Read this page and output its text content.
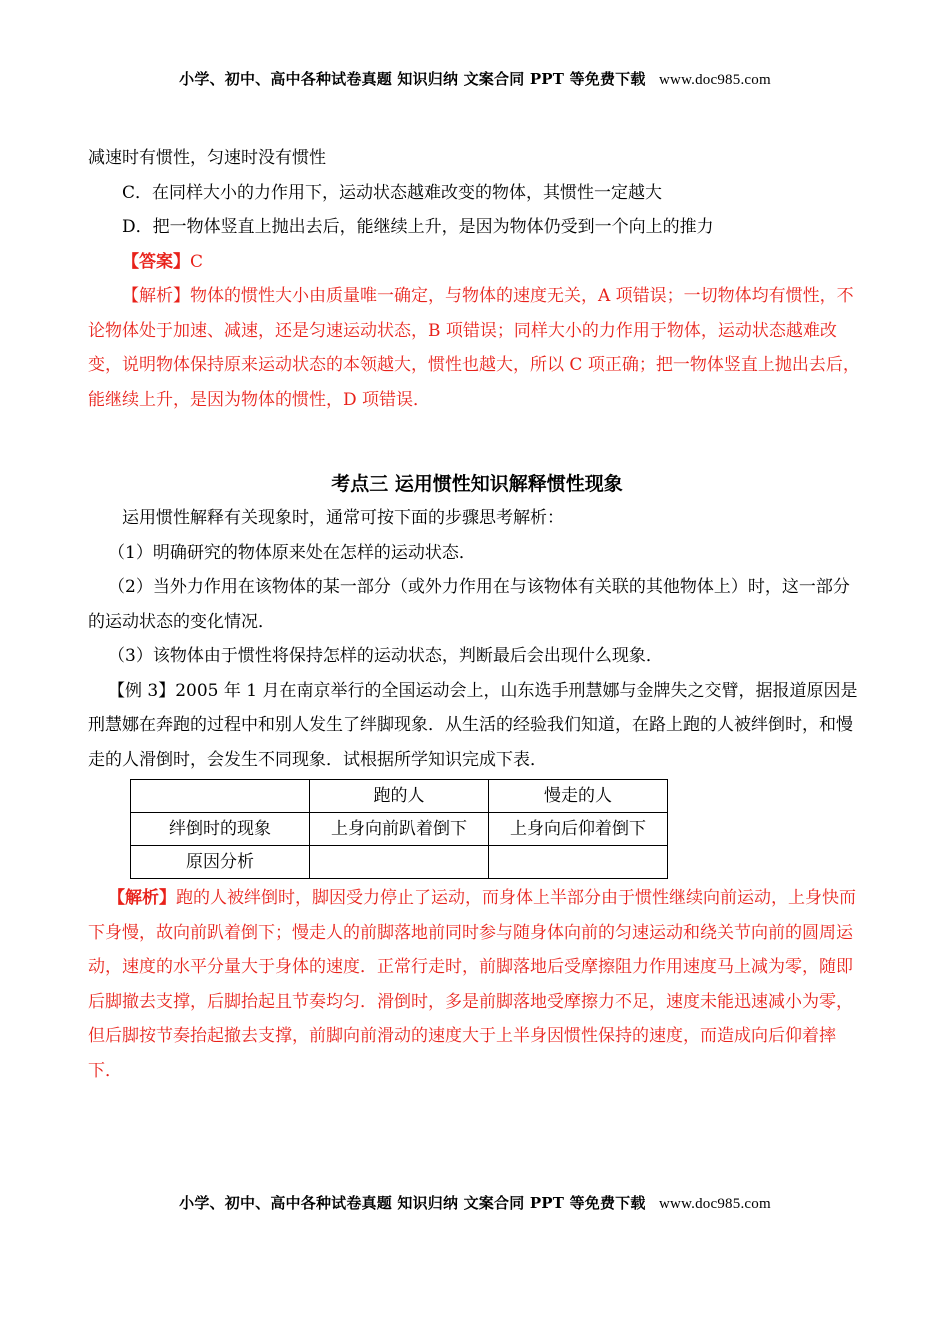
小学、初中、高中各种试卷真题 知识归纳 文案合同 PPT 等免费下载 www.doc985.com

减速时有惯性，匀速时没有惯性

C．在同样大小的力作用下，运动状态越难改变的物体，其惯性一定越大

D．把一物体竖直上抛出去后，能继续上升，是因为物体仍受到一个向上的推力

【答案】C

【解析】物体的惯性大小由质量唯一确定，与物体的速度无关，A 项错误；一切物体均有惯性，不论物体处于加速、减速，还是匀速运动状态，B 项错误；同样大小的力作用于物体，运动状态越难改变，说明物体保持原来运动状态的本领越大，惯性也越大，所以 C 项正确；把一物体竖直上抛出去后，能继续上升，是因为物体的惯性，D 项错误．

考点三 运用惯性知识解释惯性现象

运用惯性解释有关现象时，通常可按下面的步骤思考解析：

（1）明确研究的物体原来处在怎样的运动状态．

（2）当外力作用在该物体的某一部分（或外力作用在与该物体有关联的其他物体上）时，这一部分的运动状态的变化情况．

（3）该物体由于惯性将保持怎样的运动状态，判断最后会出现什么现象．

【例 3】2005 年 1 月在南京举行的全国运动会上，山东选手刑慧娜与金牌失之交臂，据报道原因是刑慧娜在奔跑的过程中和别人发生了绊脚现象．从生活的经验我们知道，在路上跑的人被绊倒时，和慢走的人滑倒时，会发生不同现象．试根据所学知识完成下表．

	跑的人	慢走的人
绊倒时的现象	上身向前趴着倒下	上身向后仰着倒下
原因分析		

【解析】跑的人被绊倒时，脚因受力停止了运动，而身体上半部分由于惯性继续向前运动，上身快而下身慢，故向前趴着倒下；慢走人的前脚落地前同时参与随身体向前的匀速运动和绕关节向前的圆周运动，速度的水平分量大于身体的速度．正常行走时，前脚落地后受摩擦阻力作用速度马上减为零，随即后脚撤去支撑，后脚抬起且节奏均匀．滑倒时，多是前脚落地受摩擦力不足，速度未能迅速减小为零，但后脚按节奏抬起撤去支撑，前脚向前滑动的速度大于上半身因惯性保持的速度，而造成向后仰着摔下．

小学、初中、高中各种试卷真题 知识归纳 文案合同 PPT 等免费下载 www.doc985.com
